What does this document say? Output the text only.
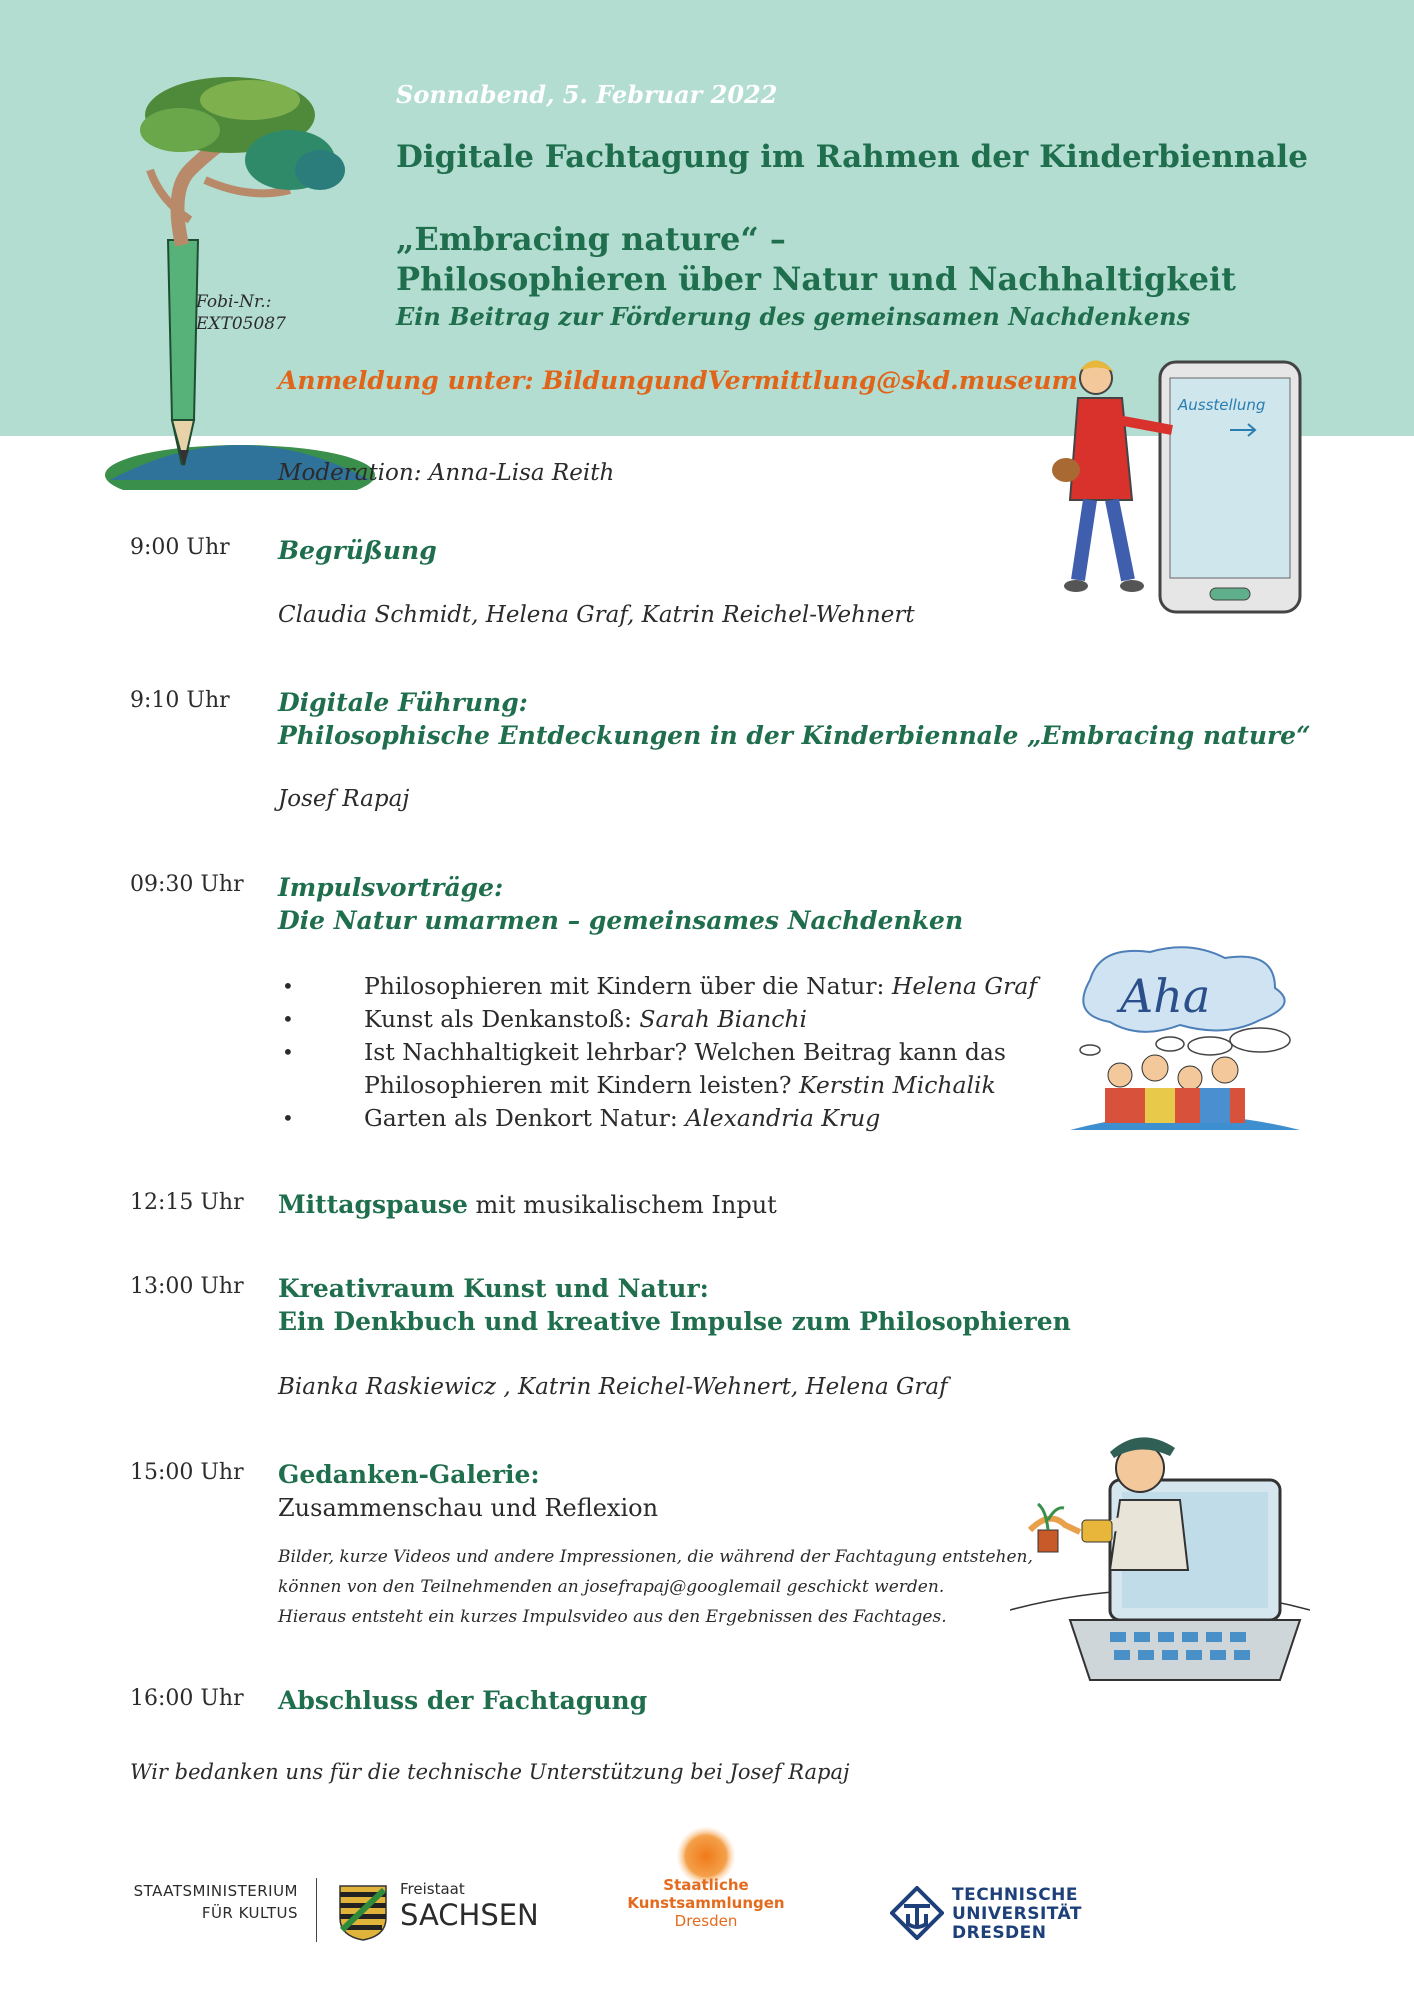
Fobi-Nr.:
EXT05087
Sonnabend, 5. Februar 2022
Digitale Fachtagung im Rahmen der Kinderbiennale
„Embracing nature“ –
Philosophieren über Natur und Nachhaltigkeit
Ein Beitrag zur Förderung des gemeinsamen Nachdenkens
Anmeldung unter: BildungundVermittlung@skd.museum
Ausstellung
Moderation: Anna-Lisa Reith
9:00 Uhr Begrüßung
Claudia Schmidt, Helena Graf, Katrin Reichel-Wehnert
9:10 Uhr Digitale Führung:
Philosophische Entdeckungen in der Kinderbiennale „Embracing nature“
Josef Rapaj
09:30 Uhr Impulsvorträge:
Die Natur umarmen – gemeinsames Nachdenken
•	Philosophieren mit Kindern über die Natur: Helena Graf
•	Kunst als Denkanstoß: Sarah Bianchi
•	Ist Nachhaltigkeit lehrbar? Welchen Beitrag kann das
Philosophieren mit Kindern leisten? Kerstin Michalik
•	Garten als Denkort Natur: Alexandria Krug
Aha
12:15 Uhr Mittagspause mit musikalischem Input
13:00 Uhr Kreativraum Kunst und Natur:
Ein Denkbuch und kreative Impulse zum Philosophieren
Bianka Raskiewicz , Katrin Reichel-Wehnert, Helena Graf
15:00 Uhr Gedanken-Galerie:
Zusammenschau und Reflexion
Bilder, kurze Videos und andere Impressionen, die während der Fachtagung entstehen,
können von den Teilnehmenden an josefrapaj@googlemail geschickt werden.
Hieraus entsteht ein kurzes Impulsvideo aus den Ergebnissen des Fachtages.
16:00 Uhr Abschluss der Fachtagung
Wir bedanken uns für die technische Unterstützung bei Josef Rapaj
STAATSMINISTERIUM
FÜR KULTUS
Freistaat
SACHSEN
Staatliche
Kunstsammlungen
Dresden
TECHNISCHE
UNIVERSITÄT
DRESDEN
